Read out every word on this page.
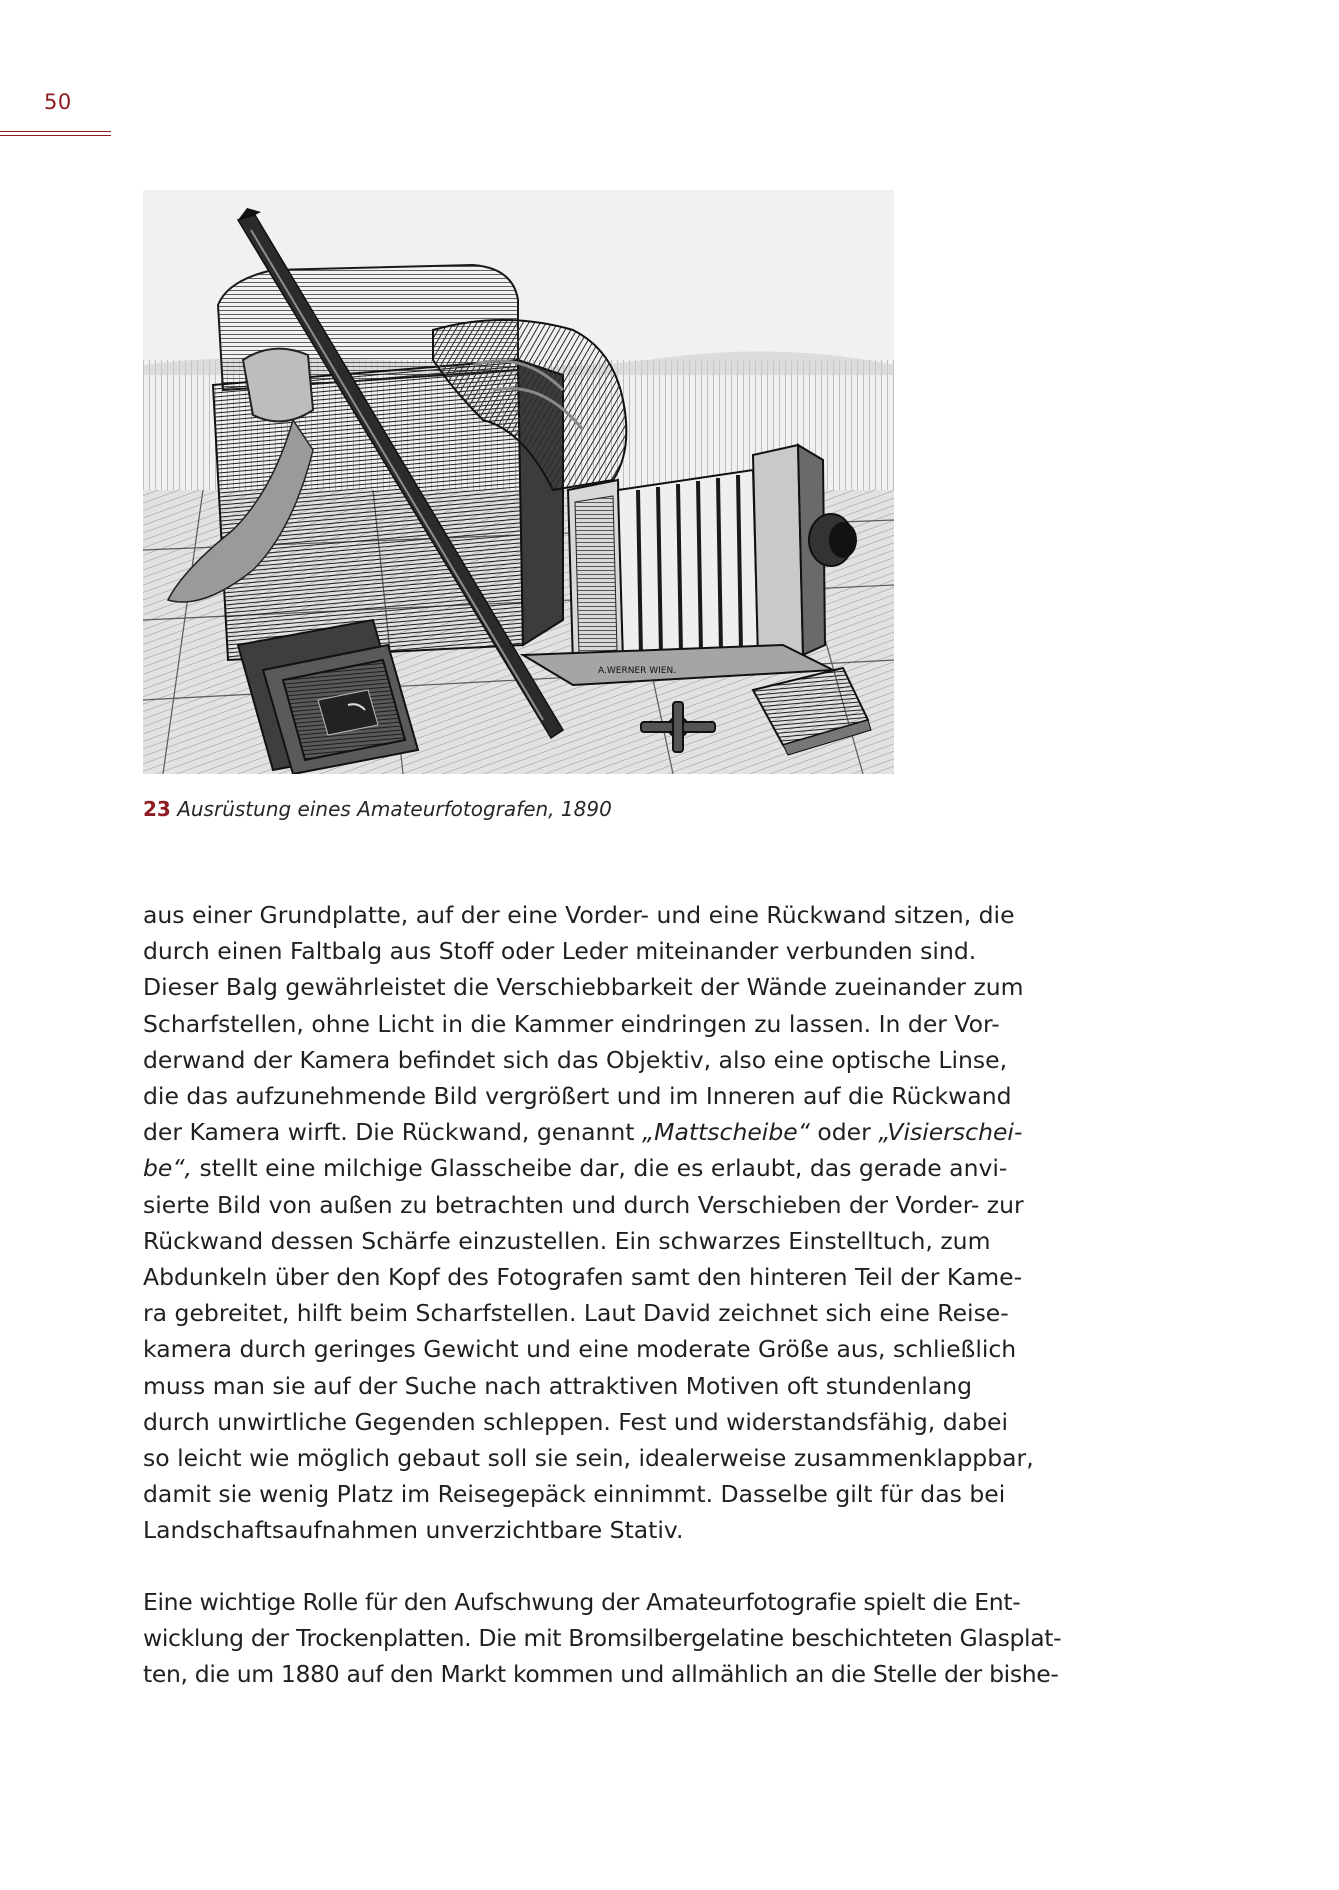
50
A.WERNER WIEN.
23 Ausrüstung eines Amateurfotografen, 1890
aus einer Grundplatte, auf der eine Vorder- und eine Rückwand sitzen, die
durch einen Faltbalg aus Stoff oder Leder miteinander verbunden sind.
Dieser Balg gewährleistet die Verschiebbarkeit der Wände zueinander zum
Scharfstellen, ohne Licht in die Kammer eindringen zu lassen. In der Vor-
derwand der Kamera befindet sich das Objektiv, also eine optische Linse,
die das aufzunehmende Bild vergrößert und im Inneren auf die Rückwand
der Kamera wirft. Die Rückwand, genannt „Mattscheibe“ oder „Visierschei-
be“, stellt eine milchige Glasscheibe dar, die es erlaubt, das gerade anvi-
sierte Bild von außen zu betrachten und durch Verschieben der Vorder- zur
Rückwand dessen Schärfe einzustellen. Ein schwarzes Einstelltuch, zum
Abdunkeln über den Kopf des Fotografen samt den hinteren Teil der Kame-
ra gebreitet, hilft beim Scharfstellen. Laut David zeichnet sich eine Reise-
kamera durch geringes Gewicht und eine moderate Größe aus, schließlich
muss man sie auf der Suche nach attraktiven Motiven oft stundenlang
durch unwirtliche Gegenden schleppen. Fest und widerstandsfähig, dabei
so leicht wie möglich gebaut soll sie sein, idealerweise zusammenklappbar,
damit sie wenig Platz im Reisegepäck einnimmt. Dasselbe gilt für das bei
Landschaftsaufnahmen unverzichtbare Stativ.
Eine wichtige Rolle für den Aufschwung der Amateurfotografie spielt die Ent-
wicklung der Trockenplatten. Die mit Bromsilbergelatine beschichteten Glasplat-
ten, die um 1880 auf den Markt kommen und allmählich an die Stelle der bishe-
